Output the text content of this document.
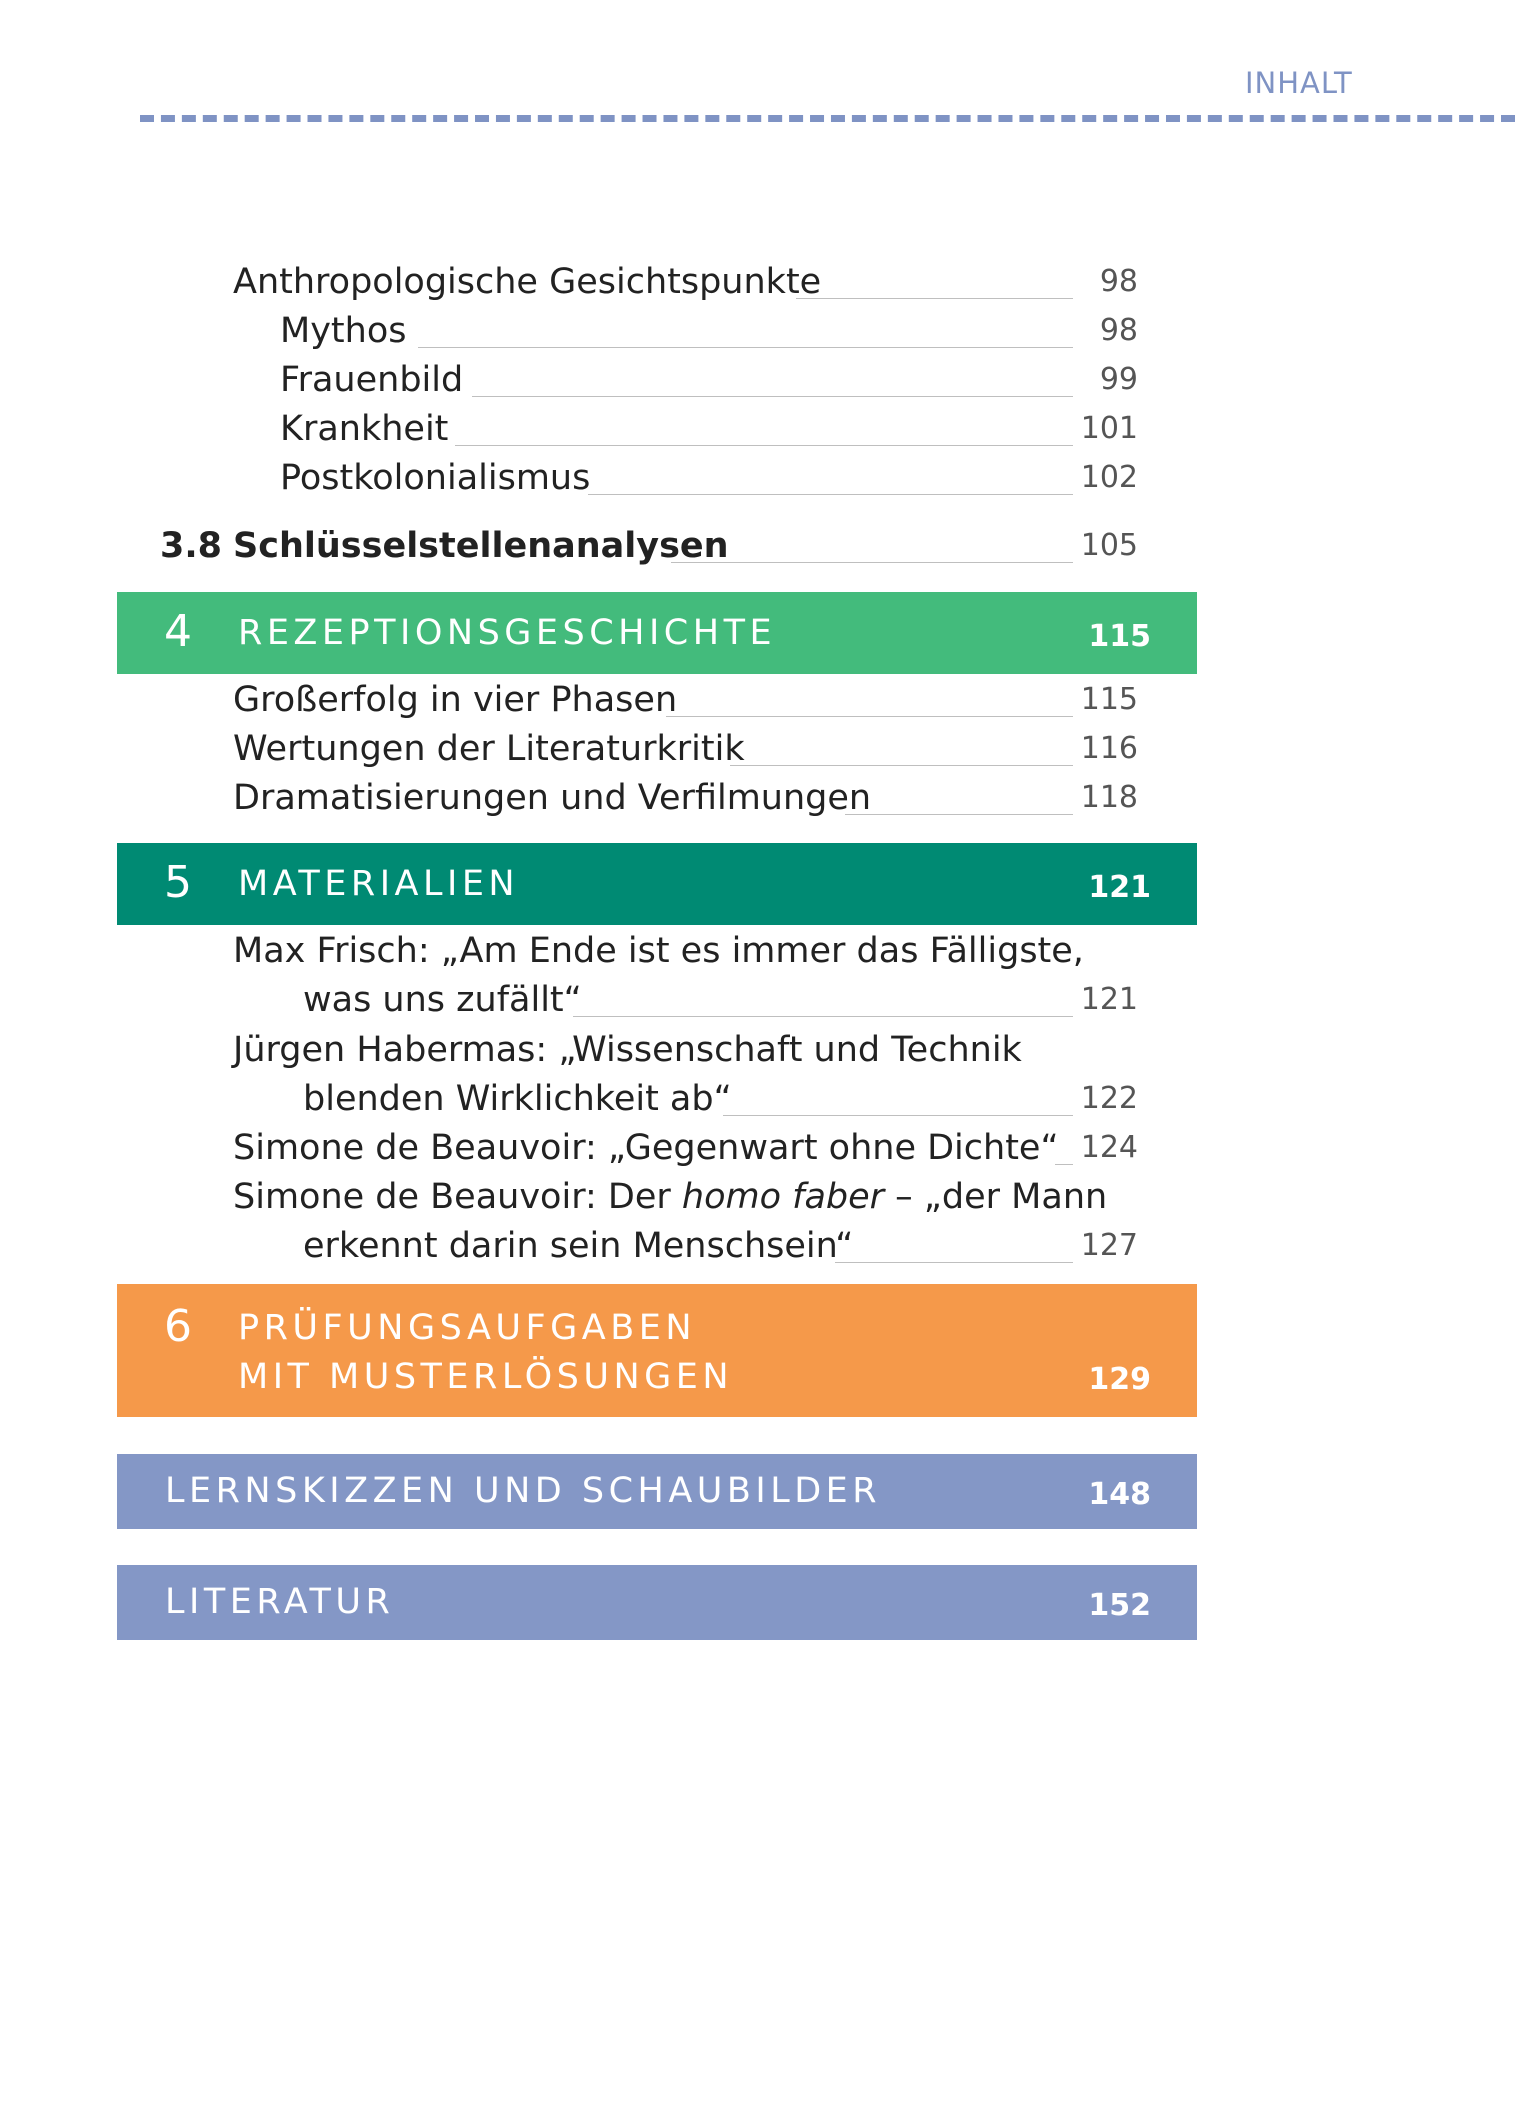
INHALT
Anthropologische Gesichtspunkte	98
Mythos	98
Frauenbild	99
Krankheit	101
Postkolonialismus	102
3.8 Schlüsselstellenanalysen	105
4 REZEPTIONSGESCHICHTE	115
Großerfolg in vier Phasen	115
Wertungen der Literaturkritik	116
Dramatisierungen und Verfilmungen	118
5 MATERIALIEN	121
Max Frisch: „Am Ende ist es immer das Fälligste,
was uns zufällt“	121
Jürgen Habermas: „Wissenschaft und Technik
blenden Wirklichkeit ab“	122
Simone de Beauvoir: „Gegenwart ohne Dichte“ 124
Simone de Beauvoir: Der homo faber – „der Mann
erkennt darin sein Menschsein“	127
6 PRÜFUNGSAUFGABEN
MIT MUSTERLÖSUNGEN	129
LERNSKIZZEN UND SCHAUBILDER	148
LITERATUR	152
